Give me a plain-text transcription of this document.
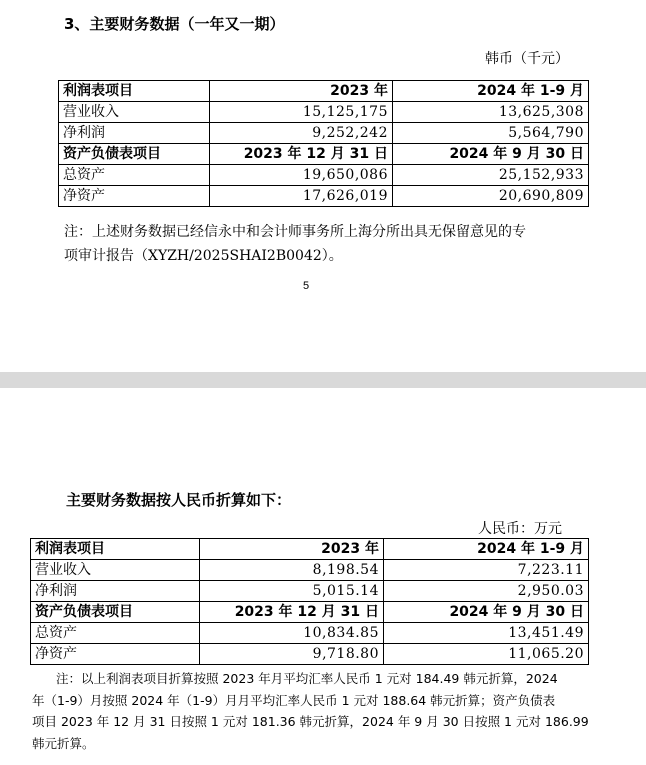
3、主要财务数据（一年又一期）
韩币（千元）
利润表项目	2023 年	2024 年 1-9 月
营业收入	15,125,175	13,625,308
净利润	9,252,242	5,564,790
资产负债表项目	2023 年 12 月 31 日	2024 年 9 月 30 日
总资产	19,650,086	25,152,933
净资产	17,626,019	20,690,809
注：上述财务数据已经信永中和会计师事务所上海分所出具无保留意见的专
项审计报告（XYZH/2025SHAI2B0042）。
5
主要财务数据按人民币折算如下：
人民币：万元
利润表项目	2023 年	2024 年 1-9 月
营业收入	8,198.54	7,223.11
净利润	5,015.14	2,950.03
资产负债表项目	2023 年 12 月 31 日	2024 年 9 月 30 日
总资产	10,834.85	13,451.49
净资产	9,718.80	11,065.20
注：以上利润表项目折算按照 2023 年月平均汇率人民币 1 元对 184.49 韩元折算，2024
年（1-9）月按照 2024 年（1-9）月月平均汇率人民币 1 元对 188.64 韩元折算；资产负债表
项目 2023 年 12 月 31 日按照 1 元对 181.36 韩元折算，2024 年 9 月 30 日按照 1 元对 186.99
韩元折算。
